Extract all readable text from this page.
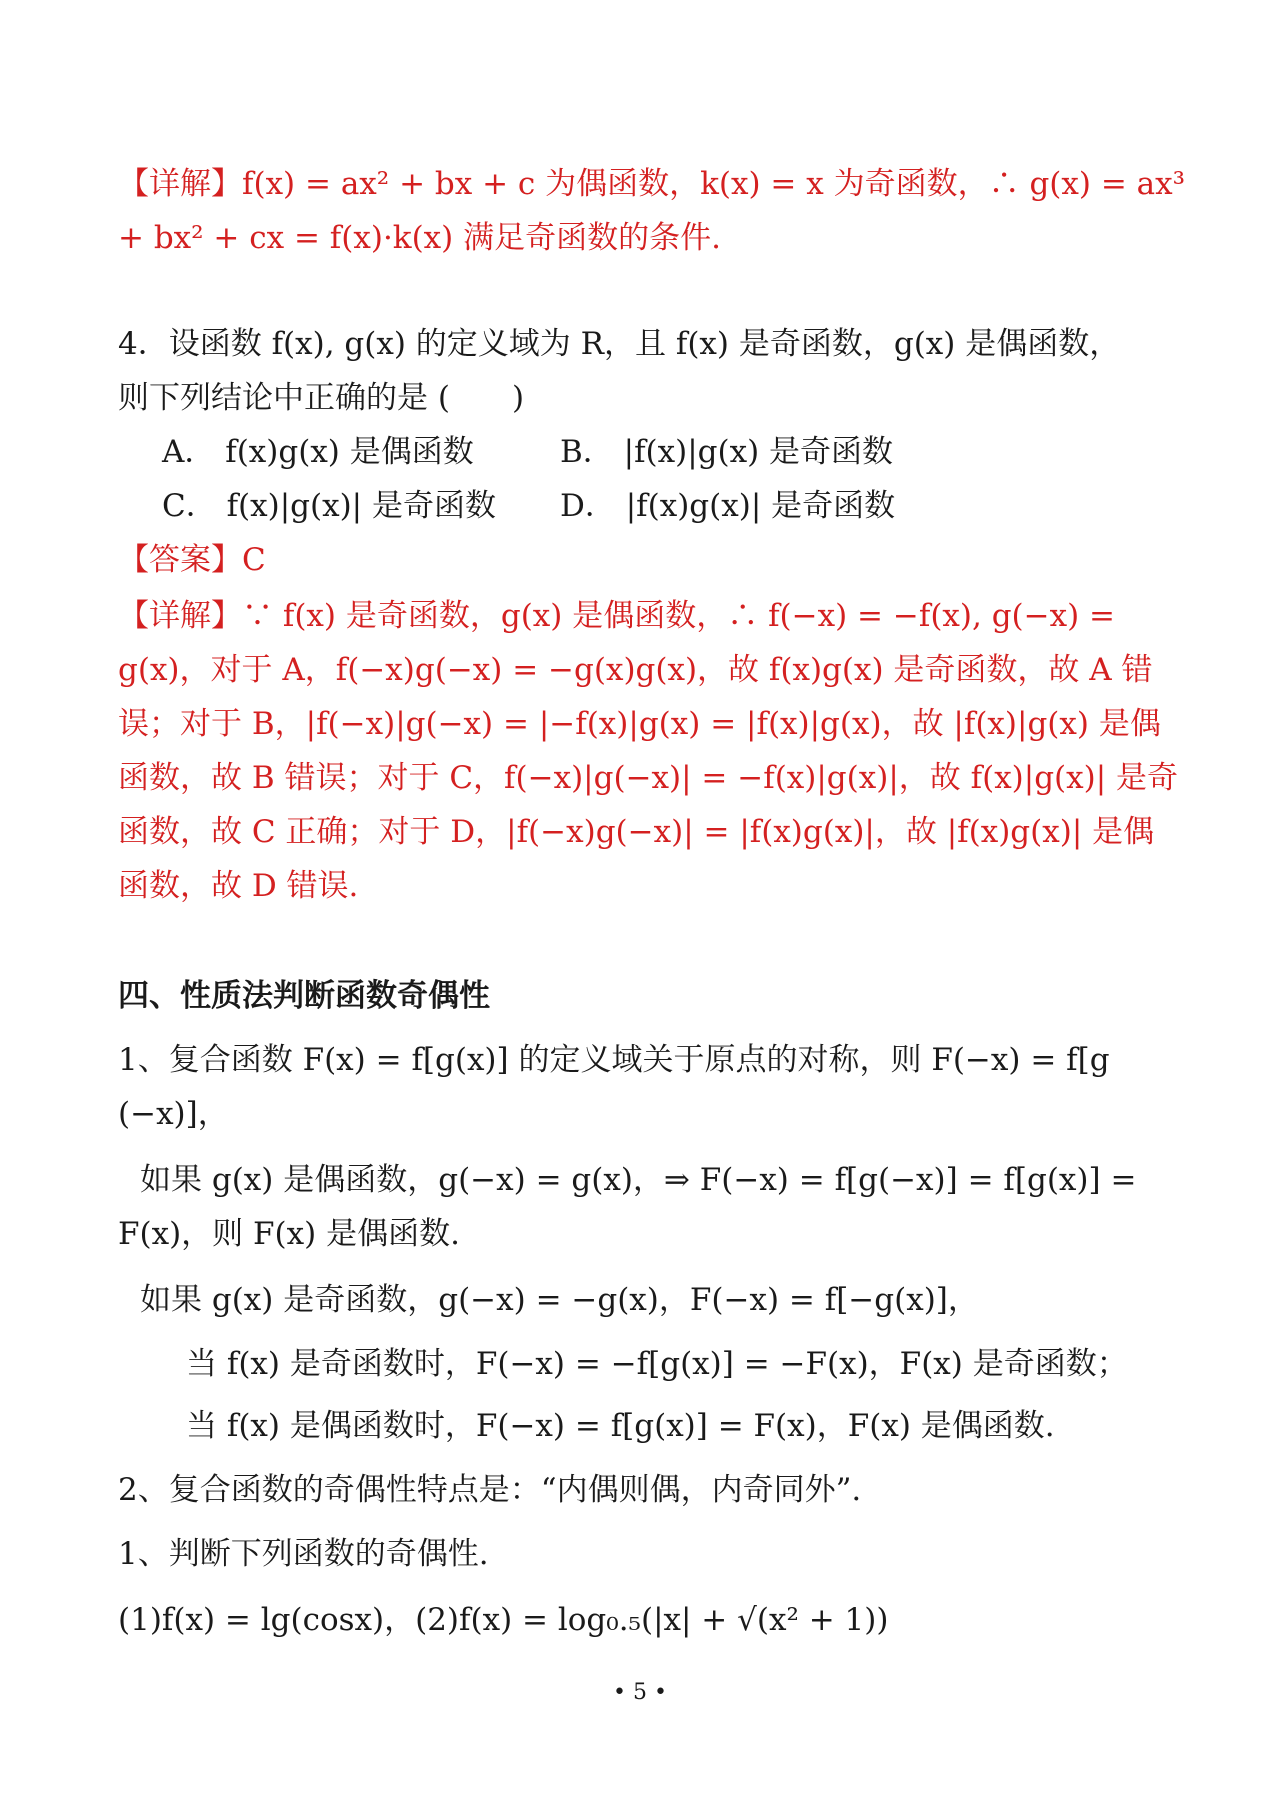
【详解】f(x) = ax² + bx + c 为偶函数，k(x) = x 为奇函数，∴ g(x) = ax³
+ bx² + cx = f(x)·k(x) 满足奇函数的条件.
4．设函数 f(x), g(x) 的定义域为 R，且 f(x) 是奇函数，g(x) 是偶函数，
则下列结论中正确的是 (　　)
A． f(x)g(x) 是偶函数	B． |f(x)|g(x) 是奇函数
C． f(x)|g(x)| 是奇函数 D． |f(x)g(x)| 是奇函数
【答案】C
【详解】∵ f(x) 是奇函数，g(x) 是偶函数，∴ f(−x) = −f(x), g(−x) =
g(x)，对于 A，f(−x)g(−x) = −g(x)g(x)，故 f(x)g(x) 是奇函数，故 A 错
误；对于 B，|f(−x)|g(−x) = |−f(x)|g(x) = |f(x)|g(x)，故 |f(x)|g(x) 是偶
函数，故 B 错误；对于 C，f(−x)|g(−x)| = −f(x)|g(x)|，故 f(x)|g(x)| 是奇
函数，故 C 正确；对于 D，|f(−x)g(−x)| = |f(x)g(x)|，故 |f(x)g(x)| 是偶
函数，故 D 错误.
四、性质法判断函数奇偶性
1、复合函数 F(x) = f[g(x)] 的定义域关于原点的对称，则 F(−x) = f[g
(−x)]，
如果 g(x) 是偶函数，g(−x) = g(x)，⇒ F(−x) = f[g(−x)] = f[g(x)] =
F(x)，则 F(x) 是偶函数.
如果 g(x) 是奇函数，g(−x) = −g(x)，F(−x) = f[−g(x)]，
当 f(x) 是奇函数时，F(−x) = −f[g(x)] = −F(x)，F(x) 是奇函数；
当 f(x) 是偶函数时，F(−x) = f[g(x)] = F(x)，F(x) 是偶函数.
2、复合函数的奇偶性特点是：“内偶则偶，内奇同外”.
1、判断下列函数的奇偶性.
(1)f(x) = lg(cosx)，(2)f(x) = log₀.₅(|x| + √(x² + 1))
• 5 •
